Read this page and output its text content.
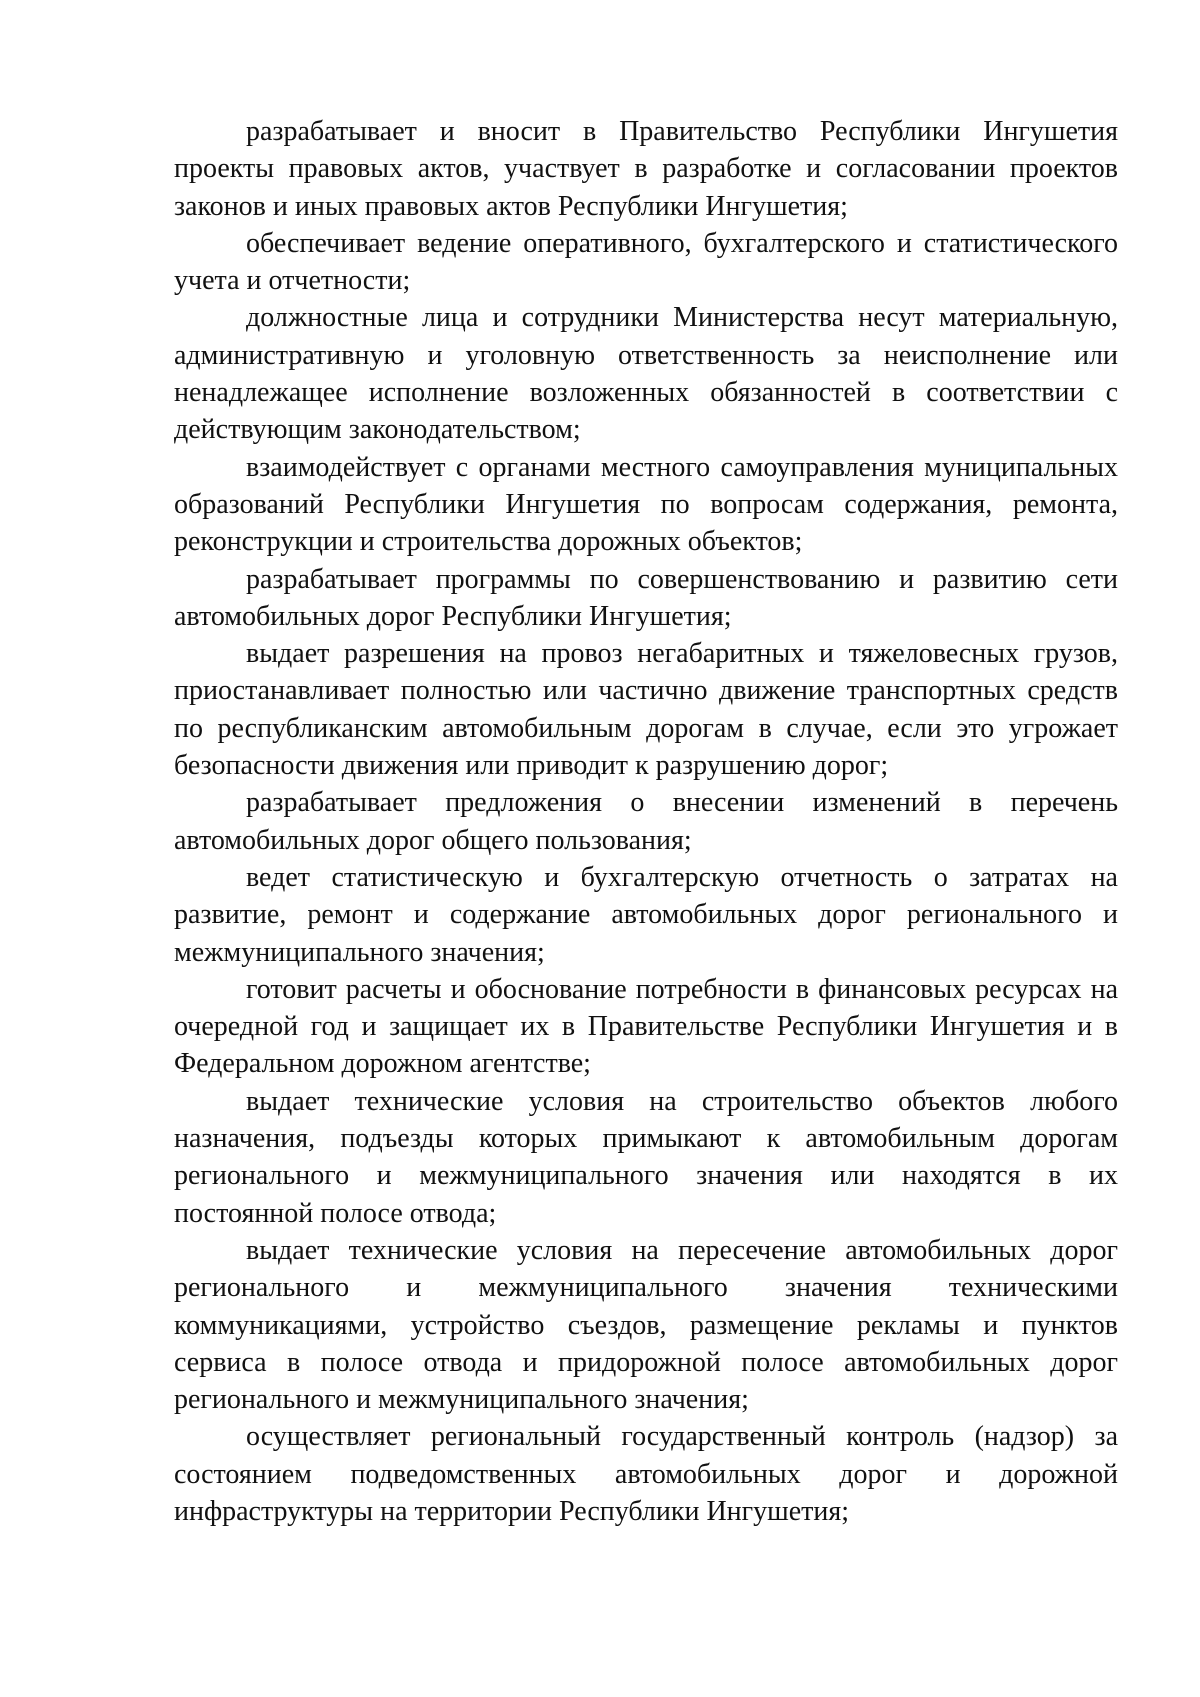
разрабатывает и вносит в Правительство Республики Ингушетия проекты правовых актов, участвует в разработке и согласовании проектов законов и иных правовых актов Республики Ингушетия;

обеспечивает ведение оперативного, бухгалтерского и статистического учета и отчетности;

должностные лица и сотрудники Министерства несут материальную, административную и уголовную ответственность за неисполнение или ненадлежащее исполнение возложенных обязанностей в соответствии с действующим законодательством;

взаимодействует с органами местного самоуправления муниципальных образований Республики Ингушетия по вопросам содержания, ремонта, реконструкции и строительства дорожных объектов;

разрабатывает программы по совершенствованию и развитию сети автомобильных дорог Республики Ингушетия;

выдает разрешения на провоз негабаритных и тяжеловесных грузов, приостанавливает полностью или частично движение транспортных средств по республиканским автомобильным дорогам в случае, если это угрожает безопасности движения или приводит к разрушению дорог;

разрабатывает предложения о внесении изменений в перечень автомобильных дорог общего пользования;

ведет статистическую и бухгалтерскую отчетность о затратах на развитие, ремонт и содержание автомобильных дорог регионального и межмуниципального значения;

готовит расчеты и обоснование потребности в финансовых ресурсах на очередной год и защищает их в Правительстве Республики Ингушетия и в Федеральном дорожном агентстве;

выдает технические условия на строительство объектов любого назначения, подъезды которых примыкают к автомобильным дорогам регионального и межмуниципального значения или находятся в их постоянной полосе отвода;

выдает технические условия на пересечение автомобильных дорог регионального и межмуниципального значения техническими коммуникациями, устройство съездов, размещение рекламы и пунктов сервиса в полосе отвода и придорожной полосе автомобильных дорог регионального и межмуниципального значения;

осуществляет региональный государственный контроль (надзор) за состоянием подведомственных автомобильных дорог и дорожной инфраструктуры на территории Республики Ингушетия;
